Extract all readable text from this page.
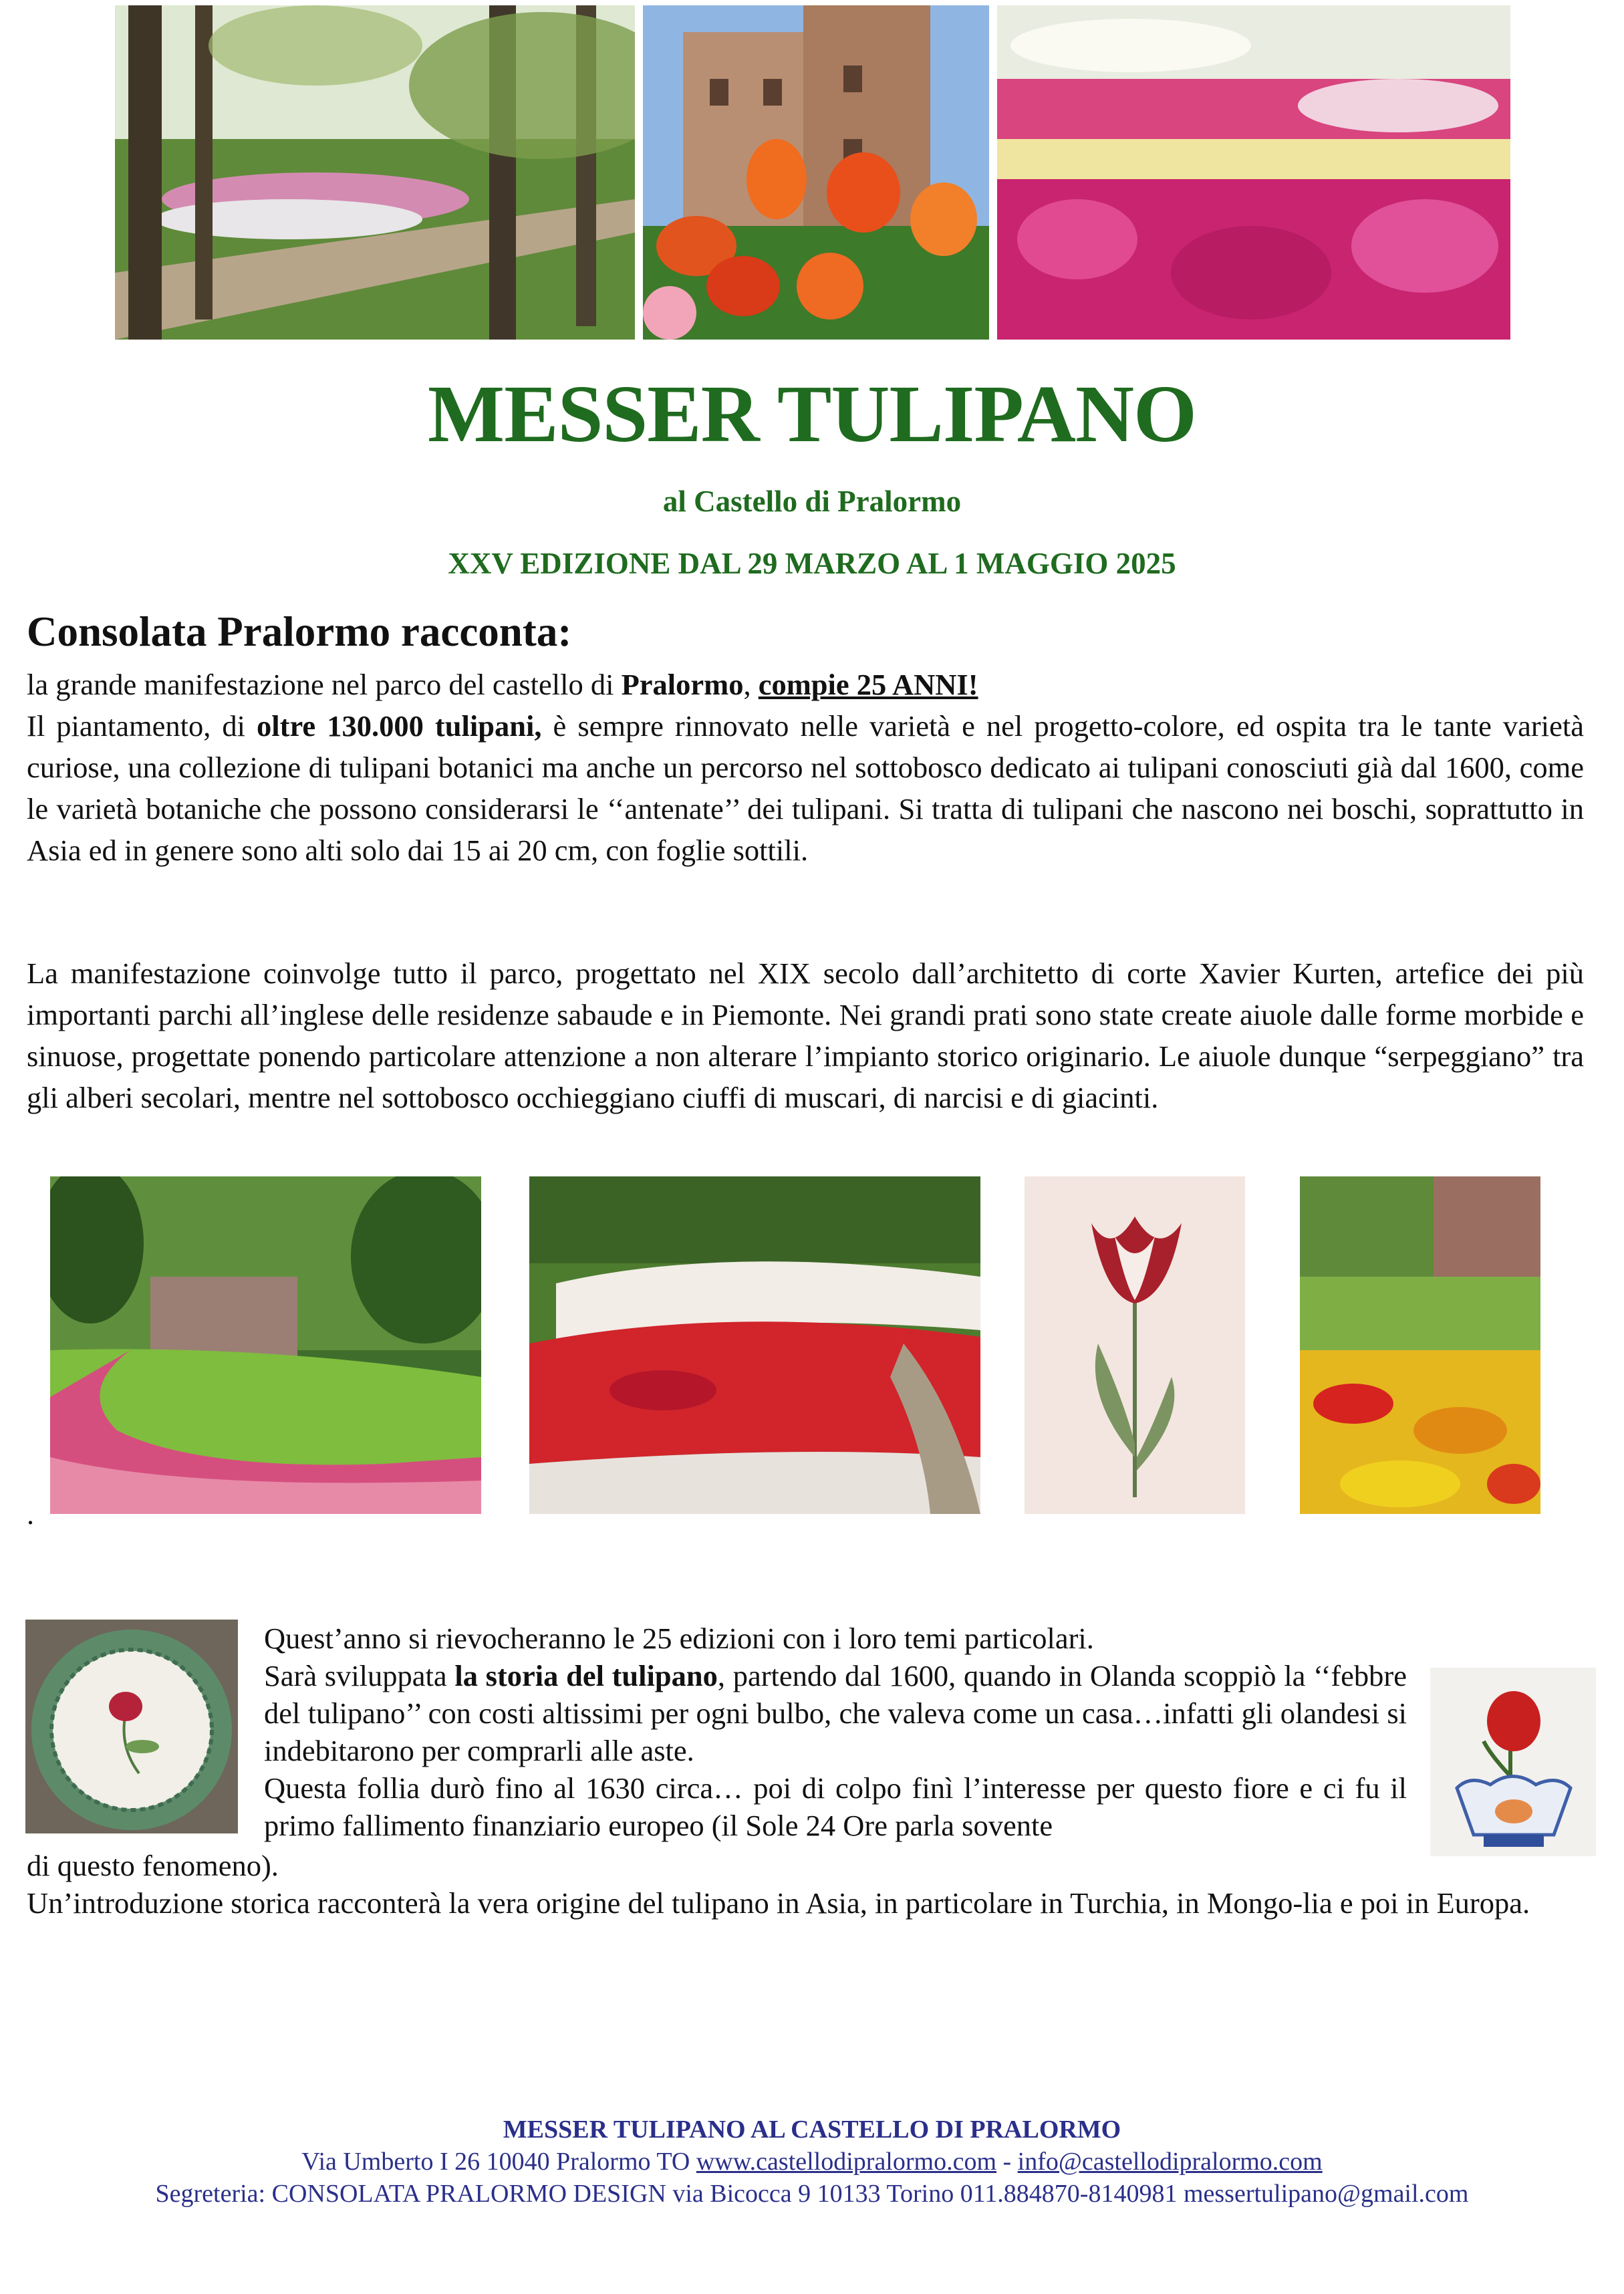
MESSER TULIPANO
al Castello di Pralormo
XXV EDIZIONE DAL 29 MARZO AL 1 MAGGIO 2025
Consolata Pralormo racconta:

la grande manifestazione nel parco del castello di Pralormo, compie 25 ANNI!

Il piantamento, di oltre 130.000 tulipani, è sempre rinnovato nelle varietà e nel progetto-colore, ed ospita tra le tante varietà curiose, una collezione di tulipani botanici ma anche un percorso nel sottobosco dedicato ai tulipani conosciuti già dal 1600, come le varietà botaniche che possono considerarsi le ‘‘antenate’’ dei tulipani. Si tratta di tulipani che nascono nei boschi, soprattutto in Asia ed in genere sono alti solo dai 15 ai 20 cm, con foglie sottili.

La manifestazione coinvolge tutto il parco, progettato nel XIX secolo dall’architetto di corte Xavier Kurten, artefice dei più importanti parchi all’inglese delle residenze sabaude e in Piemonte. Nei grandi prati sono state create aiuole dalle forme morbide e sinuose, progettate ponendo particolare attenzione a non alterare l’impianto storico originario. Le aiuole dunque “serpeggiano” tra gli alberi secolari, mentre nel sottobosco occhieggiano ciuffi di muscari, di narcisi e di giacinti.

.

Quest’anno si rievocheranno le 25 edizioni con i loro temi particolari.

Sarà sviluppata la storia del tulipano, partendo dal 1600, quando in Olanda scoppiò la ‘‘febbre del tulipano’’ con costi altissimi per ogni bulbo, che valeva come un casa…infatti gli olandesi si indebitarono per comprarli alle aste.

Questa follia durò fino al 1630 circa… poi di colpo finì l’interesse per questo fiore e ci fu il primo fallimento finanziario europeo (il Sole 24 Ore parla sovente

di questo fenomeno).

Un’introduzione storica racconterà la vera origine del tulipano in Asia, in particolare in Turchia, in Mongo-lia e poi in Europa.

MESSER TULIPANO AL CASTELLO DI PRALORMO
Via Umberto I 26 10040 Pralormo TO www.castellodipralormo.com - info@castellodipralormo.com
Segreteria: CONSOLATA PRALORMO DESIGN via Bicocca 9 10133 Torino 011.884870-8140981 messertulipano@gmail.com
